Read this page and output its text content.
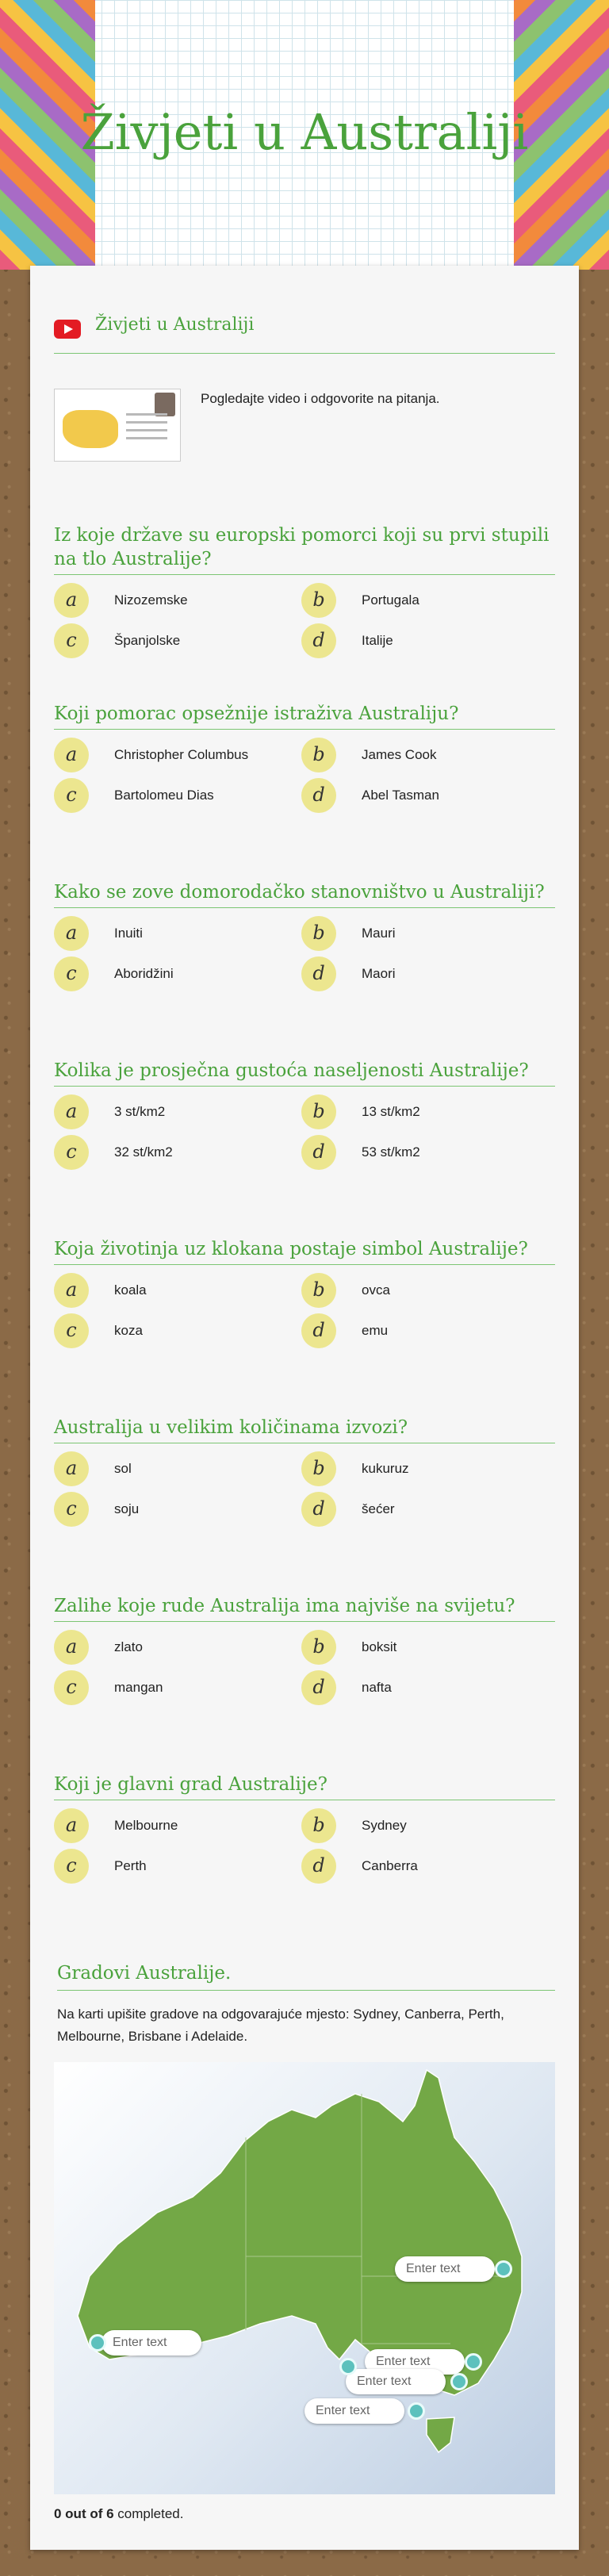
Živjeti u Australiji
Živjeti u Australiji
Pogledajte video i odgovorite na pitanja.
Iz koje države su europski pomorci koji su prvi stupili na tlo Australije?
a	Nizozemske	b	Portugala
c	Španjolske	d	Italije
Koji pomorac opsežnije istraživa Australiju?
a	Christopher Columbus	b	James Cook
c	Bartolomeu Dias	d	Abel Tasman
Kako se zove domorodačko stanovništvo u Australiji?
a	Inuiti	b	Mauri
c	Aboridžini	d	Maori
Kolika je prosječna gustoća naseljenosti Australije?
a	3 st/km2	b	13 st/km2
c	32 st/km2	d	53 st/km2
Koja životinja uz klokana postaje simbol Australije?
a	koala	b	ovca
c	koza	d	emu
Australija u velikim količinama izvozi?
a	sol	b	kukuruz
c	soju	d	šećer
Zalihe koje rude Australija ima najviše na svijetu?
a	zlato	b	boksit
c	mangan	d	nafta
Koji je glavni grad Australije?
a	Melbourne	b	Sydney
c	Perth	d	Canberra
Gradovi Australije.
Na karti upišite gradove na odgovarajuće mjesto: Sydney, Canberra, Perth, Melbourne, Brisbane i Adelaide.
Enter text
Enter text
Enter text
Enter text
Enter text
0 out of 6 completed.
